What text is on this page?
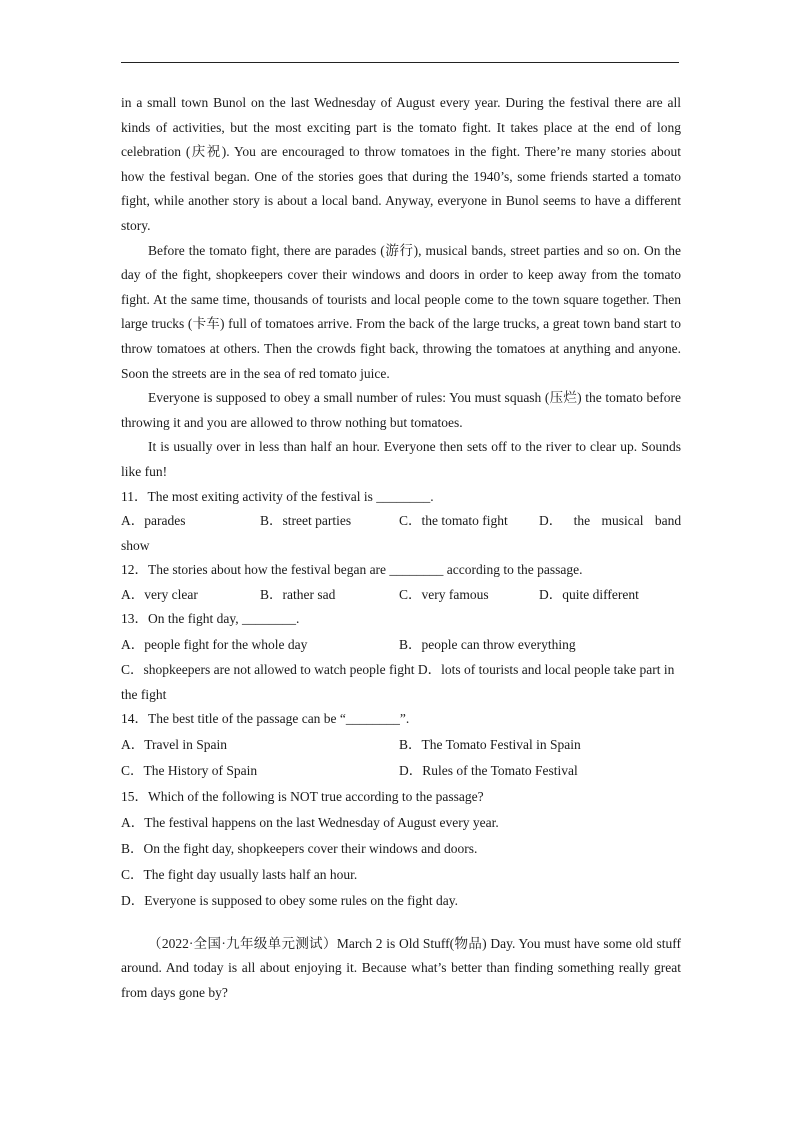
in a small town Bunol on the last Wednesday of August every year. During the festival there are all kinds of activities, but the most exciting part is the tomato fight. It takes place at the end of long celebration (庆祝). You are encouraged to throw tomatoes in the fight. There’re many stories about how the festival began. One of the stories goes that during the 1940’s, some friends started a tomato fight, while another story is about a local band. Anyway, everyone in Bunol seems to have a different story.

Before the tomato fight, there are parades (游行), musical bands, street parties and so on. On the day of the fight, shopkeepers cover their windows and doors in order to keep away from the tomato fight. At the same time, thousands of tourists and local people come to the town square together. Then large trucks (卡车) full of tomatoes arrive. From the back of the large trucks, a great town band start to throw tomatoes at others. Then the crowds fight back, throwing the tomatoes at anything and anyone. Soon the streets are in the sea of red tomato juice.

Everyone is supposed to obey a small number of rules: You must squash (压烂) the tomato before throwing it and you are allowed to throw nothing but tomatoes.

It is usually over in less than half an hour. Everyone then sets off to the river to clear up. Sounds like fun!

11．The most exiting activity of the festival is ________.

A．parades	B．street parties	C．the tomato fight D． the musical band

show

12．The stories about how the festival began are ________ according to the passage.

A．very clear	B．rather sad	C．very famous	D．quite different

13．On the fight day, ________.

A．people fight for the whole day	B．people can throw everything

C．shopkeepers are not allowed to watch people fight D．lots of tourists and local people take part in the fight

14．The best title of the passage can be “________”.

A．Travel in Spain	B．The Tomato Festival in Spain
C．The History of Spain	D．Rules of the Tomato Festival

15．Which of the following is NOT true according to the passage?

A．The festival happens on the last Wednesday of August every year.

B．On the fight day, shopkeepers cover their windows and doors.

C．The fight day usually lasts half an hour.

D．Everyone is supposed to obey some rules on the fight day.

（2022·全国·九年级单元测试）March 2 is Old Stuff(物品) Day. You must have some old stuff around. And today is all about enjoying it. Because what’s better than finding something really great from days gone by?
